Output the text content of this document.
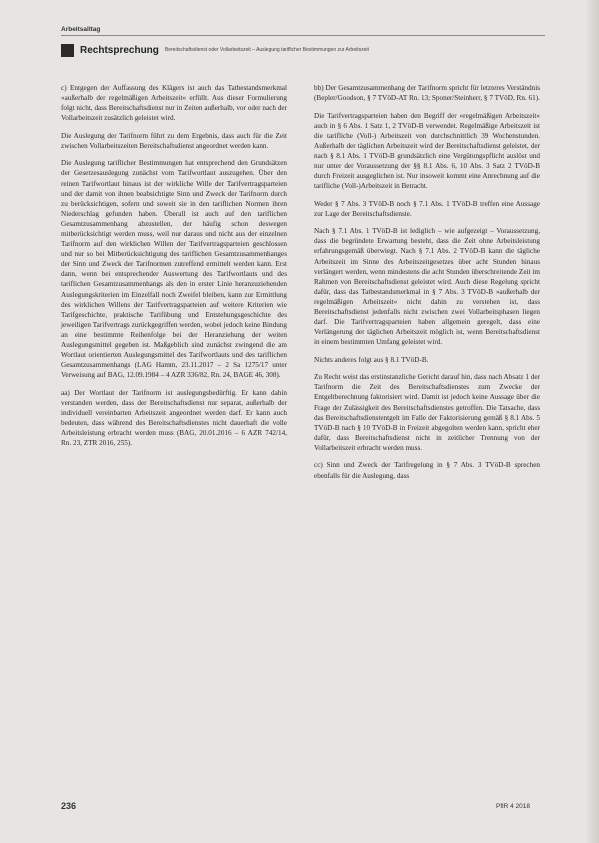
Arbeitsalltag
Rechtsprechung Bereitschaftsdienst oder Vollarbeitszeit – Auslegung tariflicher Bestimmungen zur Arbeitszeit

c) Entgegen der Auffassung des Klägers ist auch das Tatbestandsmerkmal »außerhalb der regelmäßigen Arbeitszeit« erfüllt. Aus dieser Formulierung folgt nicht, dass Bereitschaftsdienst nur in Zeiten außerhalb, vor oder nach der Vollarbeitszeit zusätzlich geleistet wird.

Die Auslegung der Tarifnorm führt zu dem Ergebnis, dass auch für die Zeit zwischen Vollarbeitszeiten Bereitschaftsdienst angeordnet werden kann.

Die Auslegung tariflicher Bestimmungen hat entsprechend den Grundsätzen der Gesetzesauslegung zunächst vom Tarifwortlaut auszugehen. Über den reinen Tarifwortlaut hinaus ist der wirkliche Wille der Tarifvertragsparteien und der damit von ihnen beabsichtigte Sinn und Zweck der Tarifnorm durch zu berücksichtigen, sofern und soweit sie in den tariflichen Normen ihren Niederschlag gefunden haben. Überall ist auch auf den tariflichen Gesamtzusammenhang abzustellen, der häufig schon deswegen mitberücksichtigt werden muss, weil nur daraus und nicht aus der einzelnen Tarifnorm auf den wirklichen Willen der Tarifvertragsparteien geschlossen und nur so bei Mitberücksichtigung des tariflichen Gesamtzusammenhanges der Sinn und Zweck der Tarifnormen zutreffend ermittelt werden kann. Erst dann, wenn bei entsprechender Auswertung des Tarifwortlauts und des tariflichen Gesamtzusammenhangs als den in erster Linie heranzuziehenden Auslegungskriterien im Einzelfall noch Zweifel bleiben, kann zur Ermittlung des wirklichen Willens der Tarifvertragsparteien auf weitere Kriterien wie Tarifgeschichte, praktische Tarifübung und Entstehungsgeschichte des jeweiligen Tarifvertrags zurückgegriffen werden, wobei jedoch keine Bindung an eine bestimmte Reihenfolge bei der Heranziehung der weiten Auslegungsmittel gegeben ist. Maßgeblich sind zunächst zwingend die am Wortlaut orientierten Auslegungsmittel des Tarifwortlauts und des tariflichen Gesamtzusammenhangs (LAG Hamm, 23.11.2017 – 2 Sa 1275/17 unter Verweisung auf BAG, 12.09.1984 – 4 AZR 336/82, Rn. 24, BAGE 46, 308).

aa) Der Wortlaut der Tarifnorm ist auslegungsbedürftig. Er kann dahin verstanden werden, dass der Bereitschaftsdienst nur separat, außerhalb der individuell vereinbarten Arbeitszeit angeordnet werden darf. Er kann auch bedeuten, dass während des Bereitschaftsdienstes nicht dauerhaft die volle Arbeitsleistung erbracht werden muss (BAG, 20.01.2016 – 6 AZR 742/14, Rn. 23, ZTR 2016, 255).

bb) Der Gesamtzusammenhang der Tarifnorm spricht für letzteres Verständnis (Bepler/Goodson, § 7 TVöD-AT Rn. 13; Sponer/Steinherr, § 7 TVöD, Rn. 61).

Die Tarifvertragsparteien haben den Begriff der »regelmäßigen Arbeitszeit« auch in § 6 Abs. 1 Satz 1, 2 TVöD-B verwendet. Regelmäßige Arbeitszeit ist die tarifliche (Voll-) Arbeitszeit von durchschnittlich 39 Wochenstunden. Außerhalb der täglichen Arbeitszeit wird der Bereitschaftsdienst geleistet, der nach § 8.1 Abs. 1 TVöD-B grundsätzlich eine Vergütungspflicht auslöst und nur unter der Voraussetzung der §§ 8.1 Abs. 6, 10 Abs. 3 Satz 2 TVöD-B durch Freizeit ausgeglichen ist. Nur insoweit kommt eine Anrechnung auf die tarifliche (Voll-)Arbeitszeit in Betracht.

Weder § 7 Abs. 3 TVöD-B noch § 7.1 Abs. 1 TVöD-B treffen eine Aussage zur Lage der Bereitschaftsdienste.

Nach § 7.1 Abs. 1 TVöD-B ist lediglich – wie aufgezeigt – Voraussetzung, dass die begründete Erwartung besteht, dass die Zeit ohne Arbeitsleistung erfahrungsgemäß überwiegt. Nach § 7.1 Abs. 2 TVöD-B kann die tägliche Arbeitszeit im Sinne des Arbeitszeitgesetzes über acht Stunden hinaus verlängert werden, wenn mindestens die acht Stunden überschreitende Zeit im Rahmen von Bereitschaftsdienst geleistet wird. Auch diese Regelung spricht dafür, dass das Tatbestandsmerkmal in § 7 Abs. 3 TVöD-B »außerhalb der regelmäßigen Arbeitszeit« nicht dahin zu verstehen ist, dass Bereitschaftsdienst jedenfalls nicht zwischen zwei Vollarbeitsphasen liegen darf. Die Tarifvertragsparteien haben allgemein geregelt, dass eine Verlängerung der täglichen Arbeitszeit möglich ist, wenn Bereitschaftsdienst in einem bestimmten Umfang geleistet wird.

Nichts anderes folgt aus § 8.1 TVöD-B.

Zu Recht weist das erstinstanzliche Gericht darauf hin, dass nach Absatz 1 der Tarifnorm die Zeit des Bereitschaftsdienstes zum Zwecke der Entgeltberechnung faktorisiert wird. Damit ist jedoch keine Aussage über die Frage der Zulässigkeit des Bereitschaftsdienstes getroffen. Die Tatsache, dass das Bereitschaftsdienstentgelt im Falle der Faktorisierung gemäß § 8.1 Abs. 5 TVöD-B nach § 10 TVöD-B in Freizeit abgegolten werden kann, spricht eher dafür, dass Bereitschaftsdienst nicht in zeitlicher Trennung von der Vollarbeitszeit erbracht werden muss.

cc) Sinn und Zweck der Tarifregelung in § 7 Abs. 3 TVöD-B sprechen ebenfalls für die Auslegung, dass

236	PflR 4 2018
